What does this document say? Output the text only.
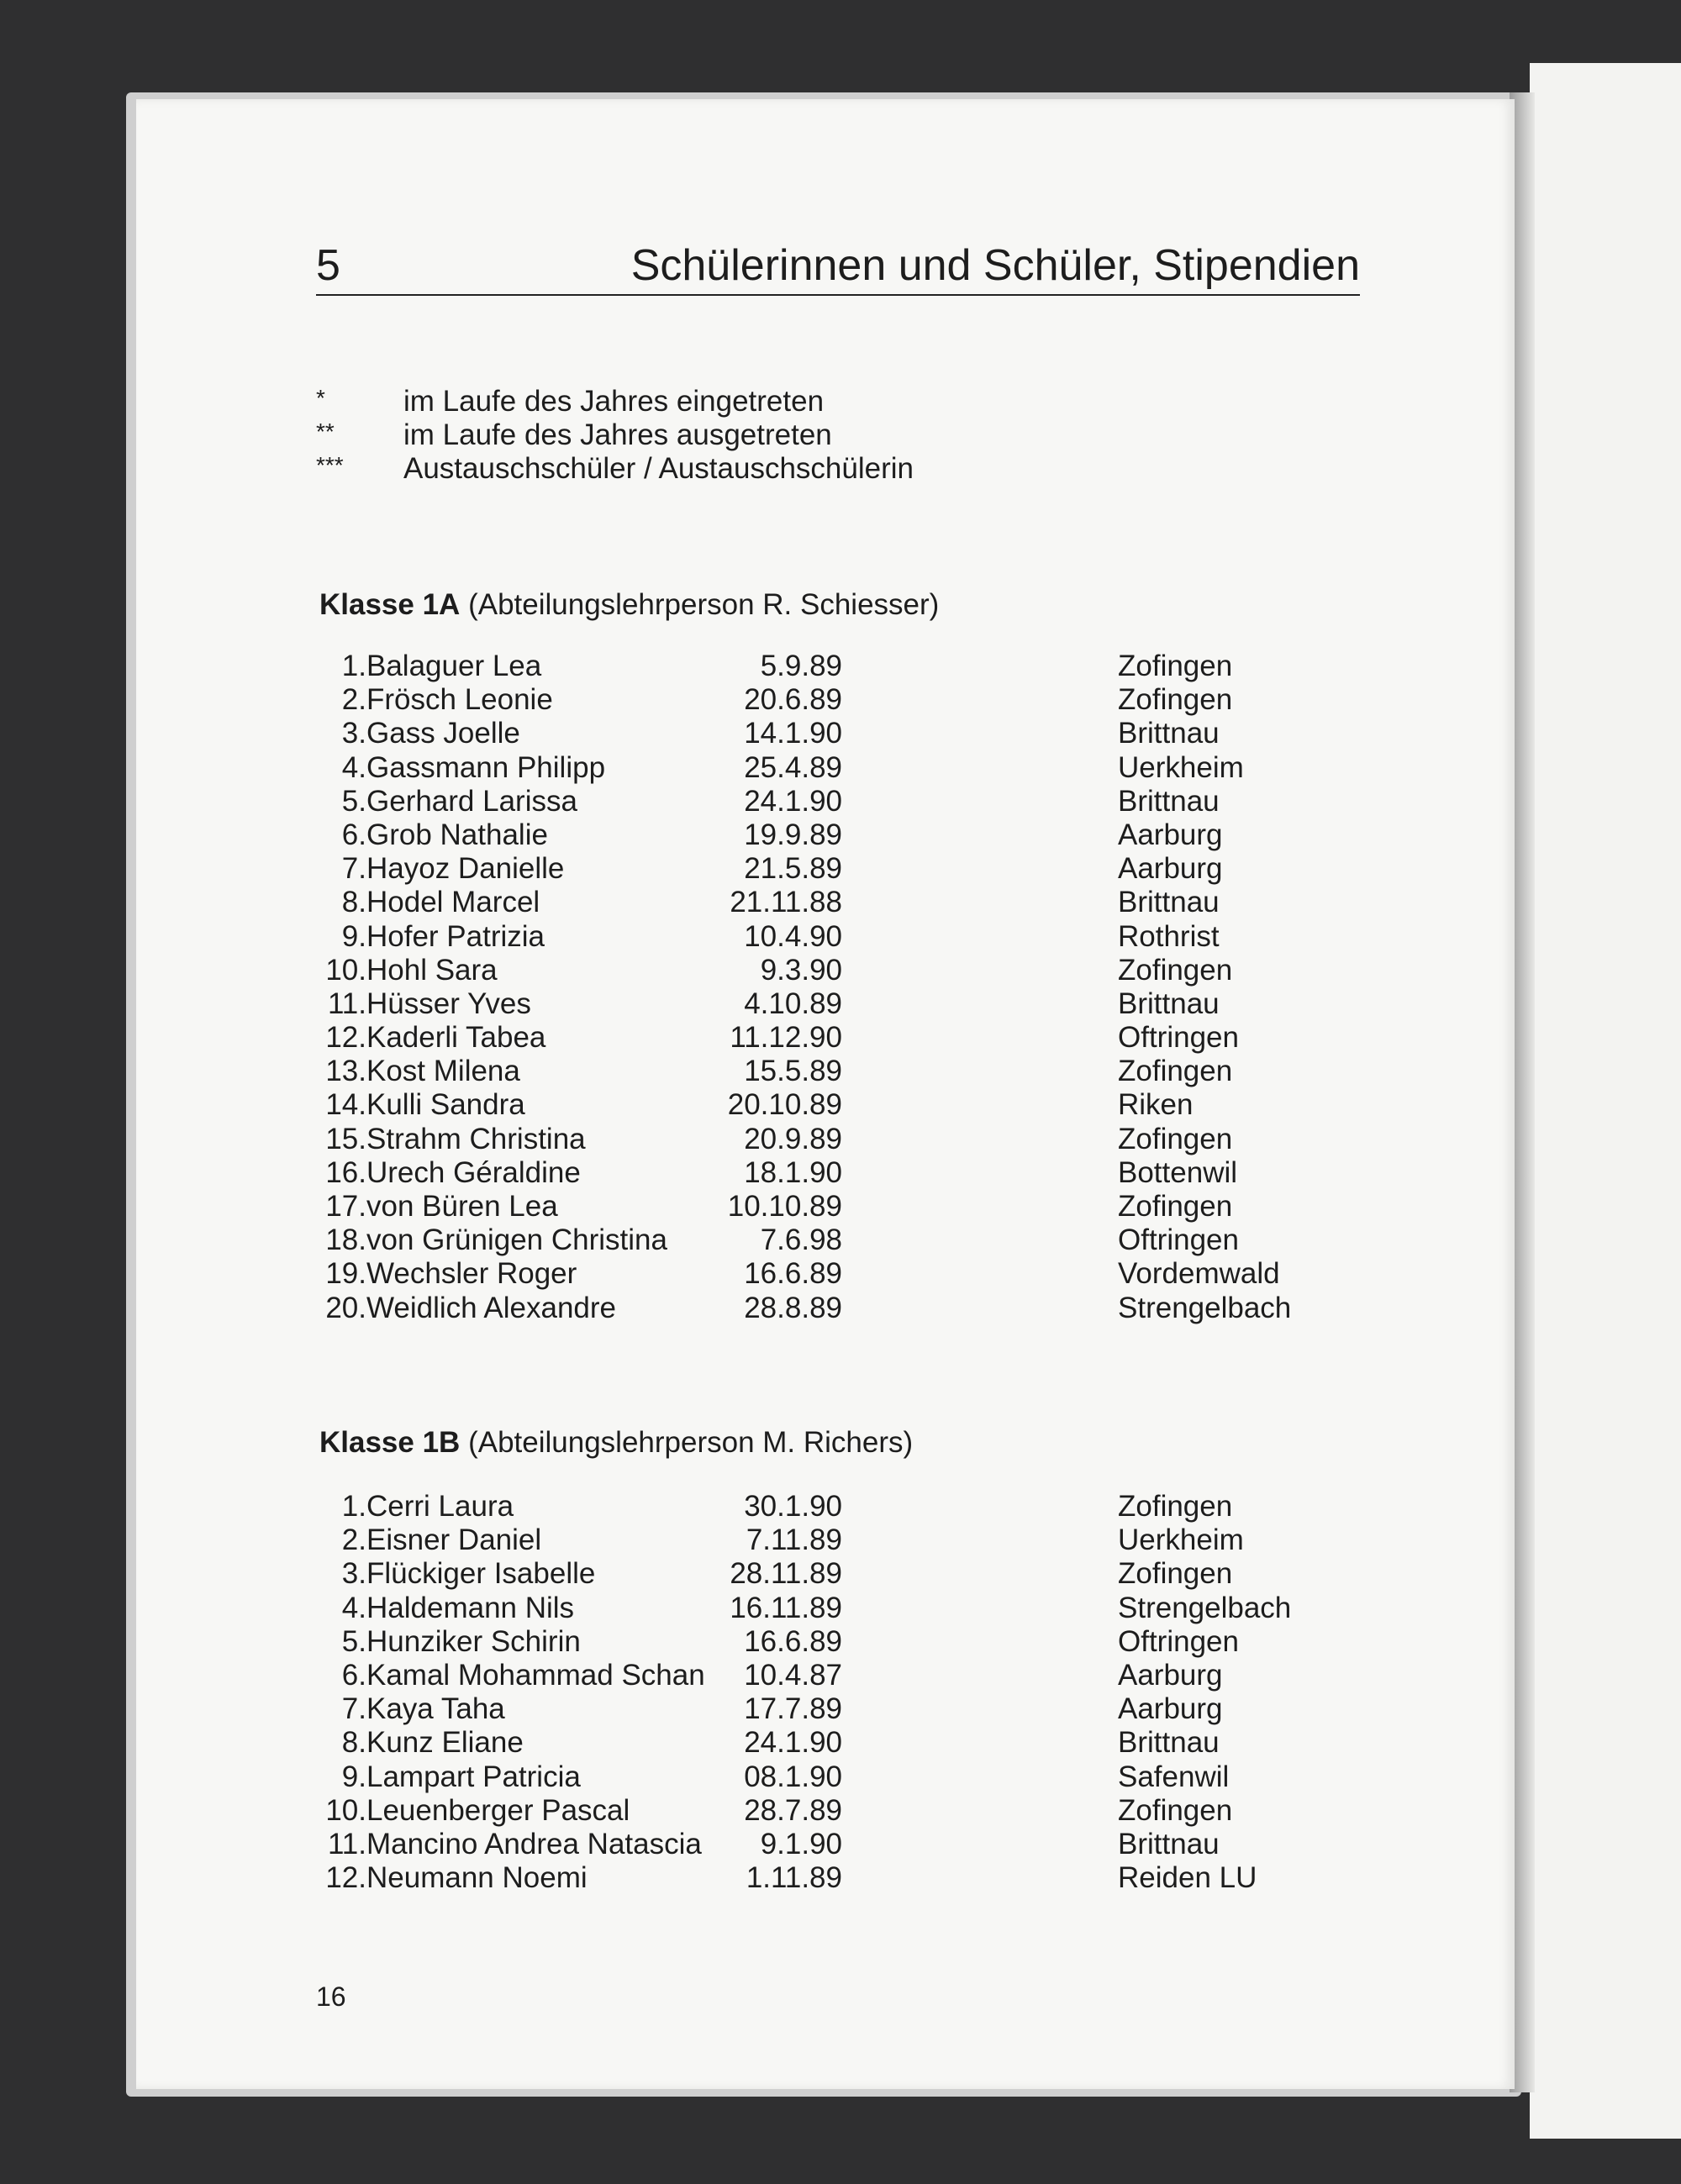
5	Schülerinnen und Schüler, Stipendien
*	im Laufe des Jahres eingetreten
**	im Laufe des Jahres ausgetreten
***	Austauschschüler / Austauschschülerin
Klasse 1A (Abteilungslehrperson R. Schiesser)
1. Balaguer Lea	5.9.89	Zofingen
2. Frösch Leonie	20.6.89	Zofingen
3. Gass Joelle	14.1.90	Brittnau
4. Gassmann Philipp	25.4.89	Uerkheim
5. Gerhard Larissa	24.1.90	Brittnau
6. Grob Nathalie	19.9.89	Aarburg
7. Hayoz Danielle	21.5.89	Aarburg
8. Hodel Marcel	21.11.88	Brittnau
9. Hofer Patrizia	10.4.90	Rothrist
10. Hohl Sara	9.3.90	Zofingen
11. Hüsser Yves	4.10.89	Brittnau
12. Kaderli Tabea	11.12.90	Oftringen
13. Kost Milena	15.5.89	Zofingen
14. Kulli Sandra	20.10.89	Riken
15. Strahm Christina	20.9.89	Zofingen
16. Urech Géraldine	18.1.90	Bottenwil
17. von Büren Lea	10.10.89	Zofingen
18. von Grünigen Christina	7.6.98	Oftringen
19. Wechsler Roger	16.6.89	Vordemwald
20. Weidlich Alexandre	28.8.89	Strengelbach
Klasse 1B (Abteilungslehrperson M. Richers)
1. Cerri Laura	30.1.90	Zofingen
2. Eisner Daniel	7.11.89	Uerkheim
3. Flückiger Isabelle	28.11.89	Zofingen
4. Haldemann Nils	16.11.89	Strengelbach
5. Hunziker Schirin	16.6.89	Oftringen
6. Kamal Mohammad Schan 10.4.87	Aarburg
7. Kaya Taha	17.7.89	Aarburg
8. Kunz Eliane	24.1.90	Brittnau
9. Lampart Patricia	08.1.90	Safenwil
10. Leuenberger Pascal	28.7.89	Zofingen
11. Mancino Andrea Natascia 9.1.90	Brittnau
12. Neumann Noemi	1.11.89	Reiden LU
16
